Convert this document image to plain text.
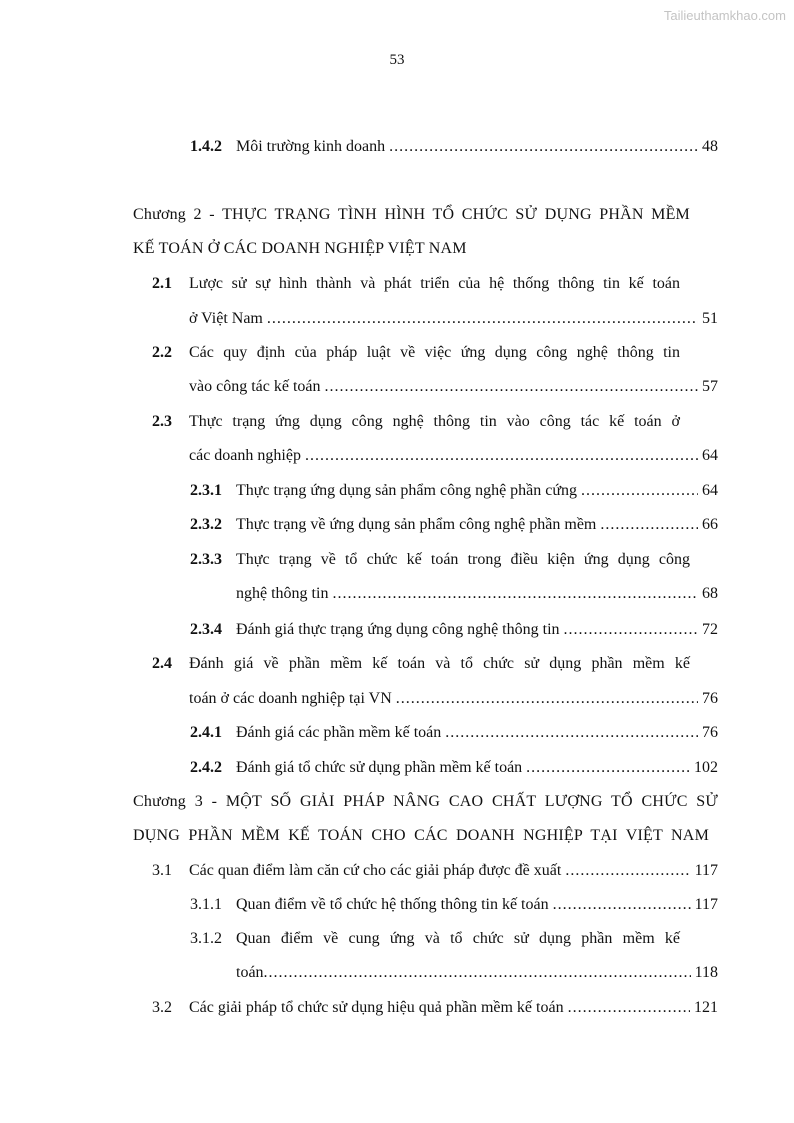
Tailieuthamkhao.com
53
1.4.2 Môi trường kinh doanh .....	48
Chương 2 - THỰC TRẠNG TÌNH HÌNH TỔ CHỨC SỬ DỤNG PHẦN MỀM
KẾ TOÁN Ở CÁC DOANH NGHIỆP VIỆT NAM
2.1	Lược sử sự hình thành và phát triển của hệ thống thông tin kế toán
ở Việt Nam .....	51
2.2	Các quy định của pháp luật về việc ứng dụng công nghệ thông tin
vào công tác kế toán .....	57
2.3	Thực trạng ứng dụng công nghệ thông tin vào công tác kế toán ở
các doanh nghiệp .....	64
2.3.1 Thực trạng ứng dụng sản phẩm công nghệ phần cứng .....	64
2.3.2 Thực trạng về ứng dụng sản phẩm công nghệ phần mềm .....	66
2.3.3 Thực trạng về tổ chức kế toán trong điều kiện ứng dụng công
nghệ thông tin .....	68
2.3.4 Đánh giá thực trạng ứng dụng công nghệ thông tin .....	72
2.4	Đánh giá về phần mềm kế toán và tổ chức sử dụng phần mềm kế
toán ở các doanh nghiệp tại VN .....	76
2.4.1 Đánh giá các phần mềm kế toán .....	76
2.4.2 Đánh giá tổ chức sử dụng phần mềm kế toán .....	102
Chương 3 - MỘT SỐ GIẢI PHÁP NÂNG CAO CHẤT LƯỢNG TỔ CHỨC SỬ
DỤNG PHẦN MỀM KẾ TOÁN CHO CÁC DOANH NGHIỆP TẠI VIỆT NAM
3.1	Các quan điểm làm căn cứ cho các giải pháp được đề xuất .....	117
3.1.1 Quan điểm về tổ chức hệ thống thông tin kế toán .....	117
3.1.2 Quan điểm về cung ứng và tổ chức sử dụng phần mềm kế
toán .....	118
3.2	Các giải pháp tổ chức sử dụng hiệu quả phần mềm kế toán .....	121
